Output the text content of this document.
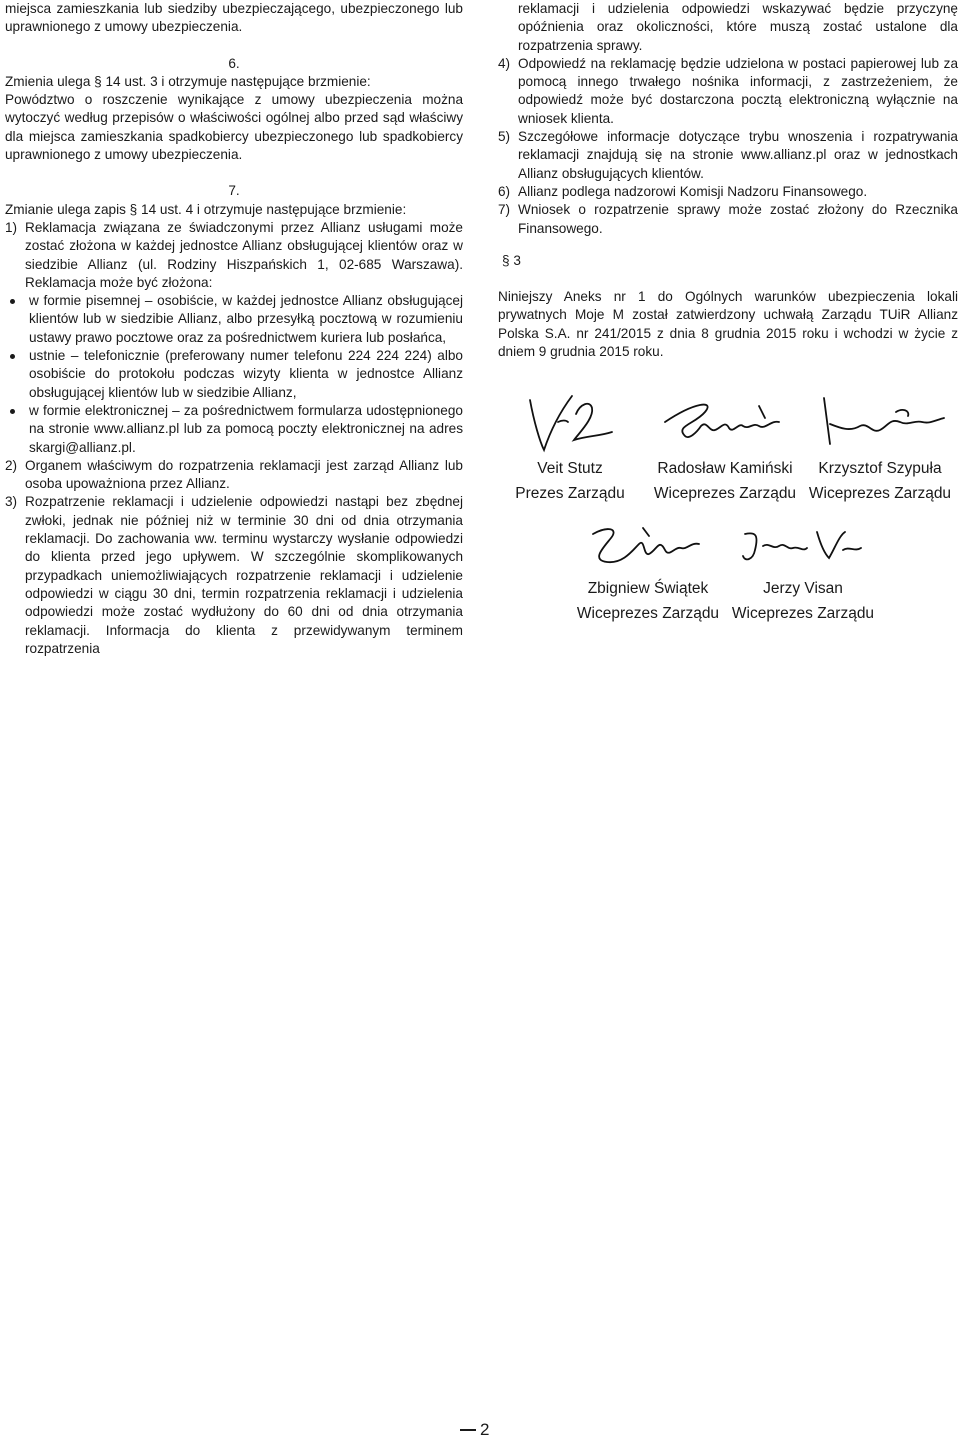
miejsca zamieszkania lub siedziby ubezpieczającego, ubezpieczonego lub uprawnionego z umowy ubezpieczenia.

6.

Zmienia ulega § 14 ust. 3 i otrzymuje następujące brzmienie:

Powództwo o roszczenie wynikające z umowy ubezpieczenia można wytoczyć według przepisów o właściwości ogólnej albo przed sąd właściwy dla miejsca zamieszkania spadkobiercy ubezpieczonego lub spadkobiercy uprawnionego z umowy ubezpieczenia.

7.

Zmianie ulega zapis § 14 ust. 4 i otrzymuje następujące brzmienie:

1) Reklamacja związana ze świadczonymi przez Allianz usługami może zostać złożona w każdej jednostce Allianz obsługującej klientów oraz w siedzibie Allianz (ul. Rodziny Hiszpańskich 1, 02-685 Warszawa). Reklamacja może być złożona:

w formie pisemnej – osobiście, w każdej jednostce Allianz obsługującej klientów lub w siedzibie Allianz, albo przesyłką pocztową w rozumieniu ustawy prawo pocztowe oraz za pośrednictwem kuriera lub posłańca,
ustnie – telefonicznie (preferowany numer telefonu 224 224 224) albo osobiście do protokołu podczas wizyty klienta w jednostce Allianz obsługującej klientów lub w siedzibie Allianz,
w formie elektronicznej – za pośrednictwem formularza udostępnionego na stronie www.allianz.pl lub za pomocą poczty elektronicznej na adres skargi@allianz.pl.
2) Organem właściwym do rozpatrzenia reklamacji jest zarząd Allianz lub osoba upoważniona przez Allianz.

3) Rozpatrzenie reklamacji i udzielenie odpowiedzi nastąpi bez zbędnej zwłoki, jednak nie później niż w terminie 30 dni od dnia otrzymania reklamacji. Do zachowania ww. terminu wystarczy wysłanie odpowiedzi do klienta przed jego upływem. W szczególnie skomplikowanych przypadkach uniemożliwiających rozpatrzenie reklamacji i udzielenie odpowiedzi w ciągu 30 dni, termin rozpatrzenia reklamacji i udzielenia odpowiedzi może zostać wydłużony do 60 dni od dnia otrzymania reklamacji. Informacja do klienta z przewidywanym terminem rozpatrzenia

reklamacji i udzielenia odpowiedzi wskazywać będzie przyczynę opóźnienia oraz okoliczności, które muszą zostać ustalone dla rozpatrzenia sprawy.

4) Odpowiedź na reklamację będzie udzielona w postaci papierowej lub za pomocą innego trwałego nośnika informacji, z zastrzeżeniem, że odpowiedź może być dostarczona pocztą elektroniczną wyłącznie na wniosek klienta.

5) Szczegółowe informacje dotyczące trybu wnoszenia i rozpatrywania reklamacji znajdują się na stronie www.allianz.pl oraz w jednostkach Allianz obsługujących klientów.

6) Allianz podlega nadzorowi Komisji Nadzoru Finansowego.

7) Wniosek o rozpatrzenie sprawy może zostać złożony do Rzecznika Finansowego.

§ 3

Niniejszy Aneks nr 1 do Ogólnych warunków ubezpieczenia lokali prywatnych Moje M został zatwierdzony uchwałą Zarządu TUiR Allianz Polska S.A. nr 241/2015 z dnia 8 grudnia 2015 roku i wchodzi w życie z dniem 9 grudnia 2015 roku.

Veit Stutz
Prezes Zarządu
Radosław Kamiński
Wiceprezes Zarządu
Krzysztof Szypuła
Wiceprezes Zarządu
Zbigniew Świątek
Wiceprezes Zarządu
Jerzy Visan
Wiceprezes Zarządu
2
